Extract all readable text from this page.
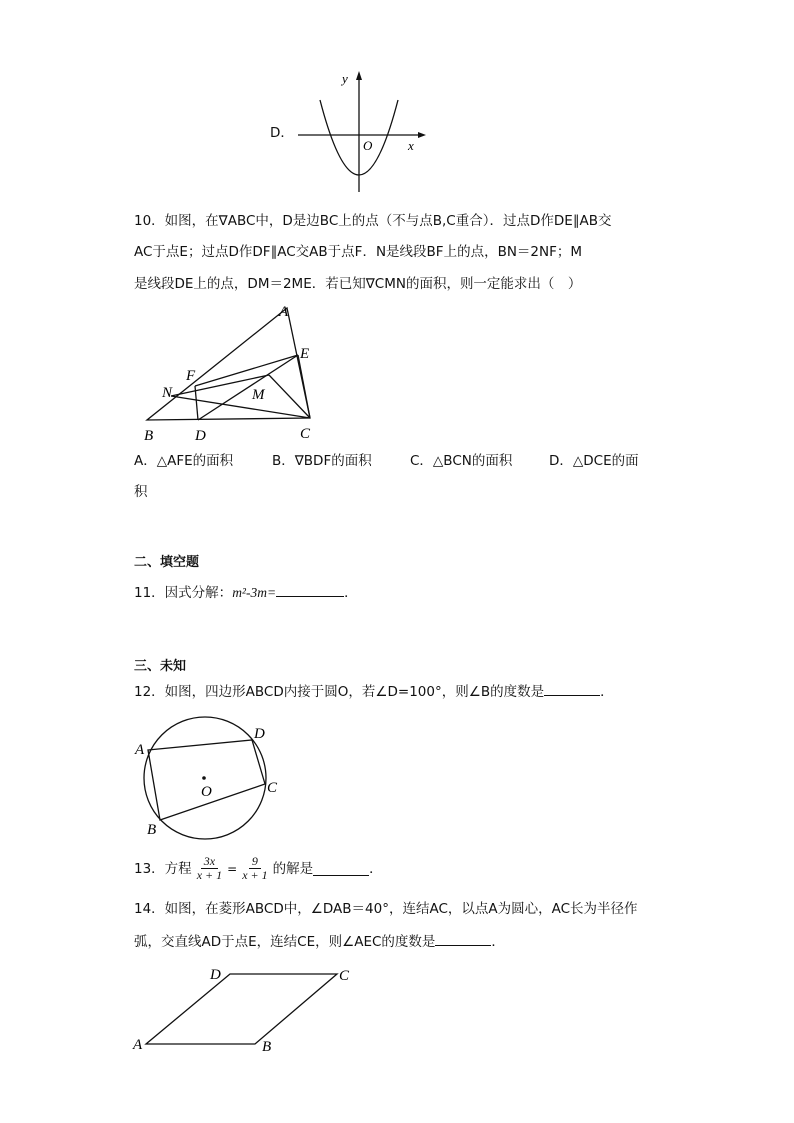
D．
y
x
O
10．如图，在∇ABC中，D是边BC上的点（不与点B,C重合）．过点D作DE∥AB交
AC于点E；过点D作DF∥AC交AB于点F．N是线段BF上的点，BN＝2NF；M
是线段DE上的点，DM＝2ME．若已知∇CMN的面积，则一定能求出（　）
A
E
F
N	M
B	D	C
A．△AFE的面积	B．∇BDF的面积	C．△BCN的面积	D．△DCE的面
积
二、填空题
11．因式分解：m²-3m=	．
三、未知
12．如图，四边形ABCD内接于圆O，若∠D=100°，则∠B的度数是	．
A
D
C
B
O
13．方程 $\frac{3x}{x + 1} = \frac{9}{x + 1}$ 的解是	．
14．如图，在菱形ABCD中，∠DAB＝40°，连结AC，以点A为圆心，AC长为半径作
弧，交直线AD于点E，连结CE，则∠AEC的度数是	．
D	C
A	B
